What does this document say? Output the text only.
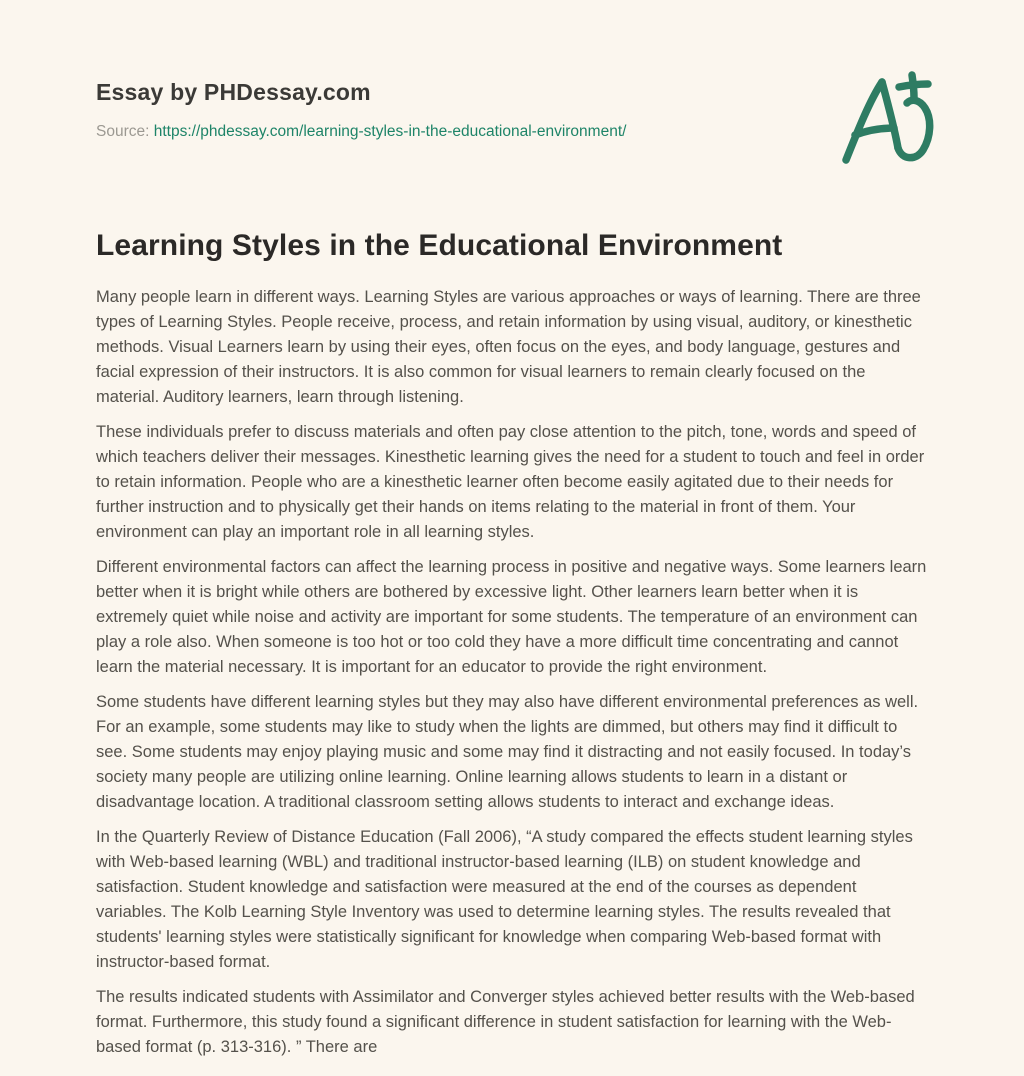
Essay by PHDessay.com
Source: https://phdessay.com/learning-styles-in-the-educational-environment/
Learning Styles in the Educational Environment

Many people learn in different ways. Learning Styles are various approaches or ways of learning. There are three types of Learning Styles. People receive, process, and retain information by using visual, auditory, or kinesthetic methods. Visual Learners learn by using their eyes, often focus on the eyes, and body language, gestures and facial expression of their instructors. It is also common for visual learners to remain clearly focused on the material. Auditory learners, learn through listening.

These individuals prefer to discuss materials and often pay close attention to the pitch, tone, words and speed of which teachers deliver their messages. Kinesthetic learning gives the need for a student to touch and feel in order to retain information. People who are a kinesthetic learner often become easily agitated due to their needs for further instruction and to physically get their hands on items relating to the material in front of them. Your environment can play an important role in all learning styles.

Different environmental factors can affect the learning process in positive and negative ways. Some learners learn better when it is bright while others are bothered by excessive light. Other learners learn better when it is extremely quiet while noise and activity are important for some students. The temperature of an environment can play a role also. When someone is too hot or too cold they have a more difficult time concentrating and cannot learn the material necessary. It is important for an educator to provide the right environment.

Some students have different learning styles but they may also have different environmental preferences as well. For an example, some students may like to study when the lights are dimmed, but others may find it difficult to see. Some students may enjoy playing music and some may find it distracting and not easily focused. In today’s society many people are utilizing online learning. Online learning allows students to learn in a distant or disadvantage location. A traditional classroom setting allows students to interact and exchange ideas.

In the Quarterly Review of Distance Education (Fall 2006), “A study compared the effects student learning styles with Web-based learning (WBL) and traditional instructor-based learning (ILB) on student knowledge and satisfaction. Student knowledge and satisfaction were measured at the end of the courses as dependent variables. The Kolb Learning Style Inventory was used to determine learning styles. The results revealed that students' learning styles were statistically significant for knowledge when comparing Web-based format with instructor-based format.

The results indicated students with Assimilator and Converger styles achieved better results with the Web-based format. Furthermore, this study found a significant difference in student satisfaction for learning with the Web-based format (p. 313-316). ” There are
